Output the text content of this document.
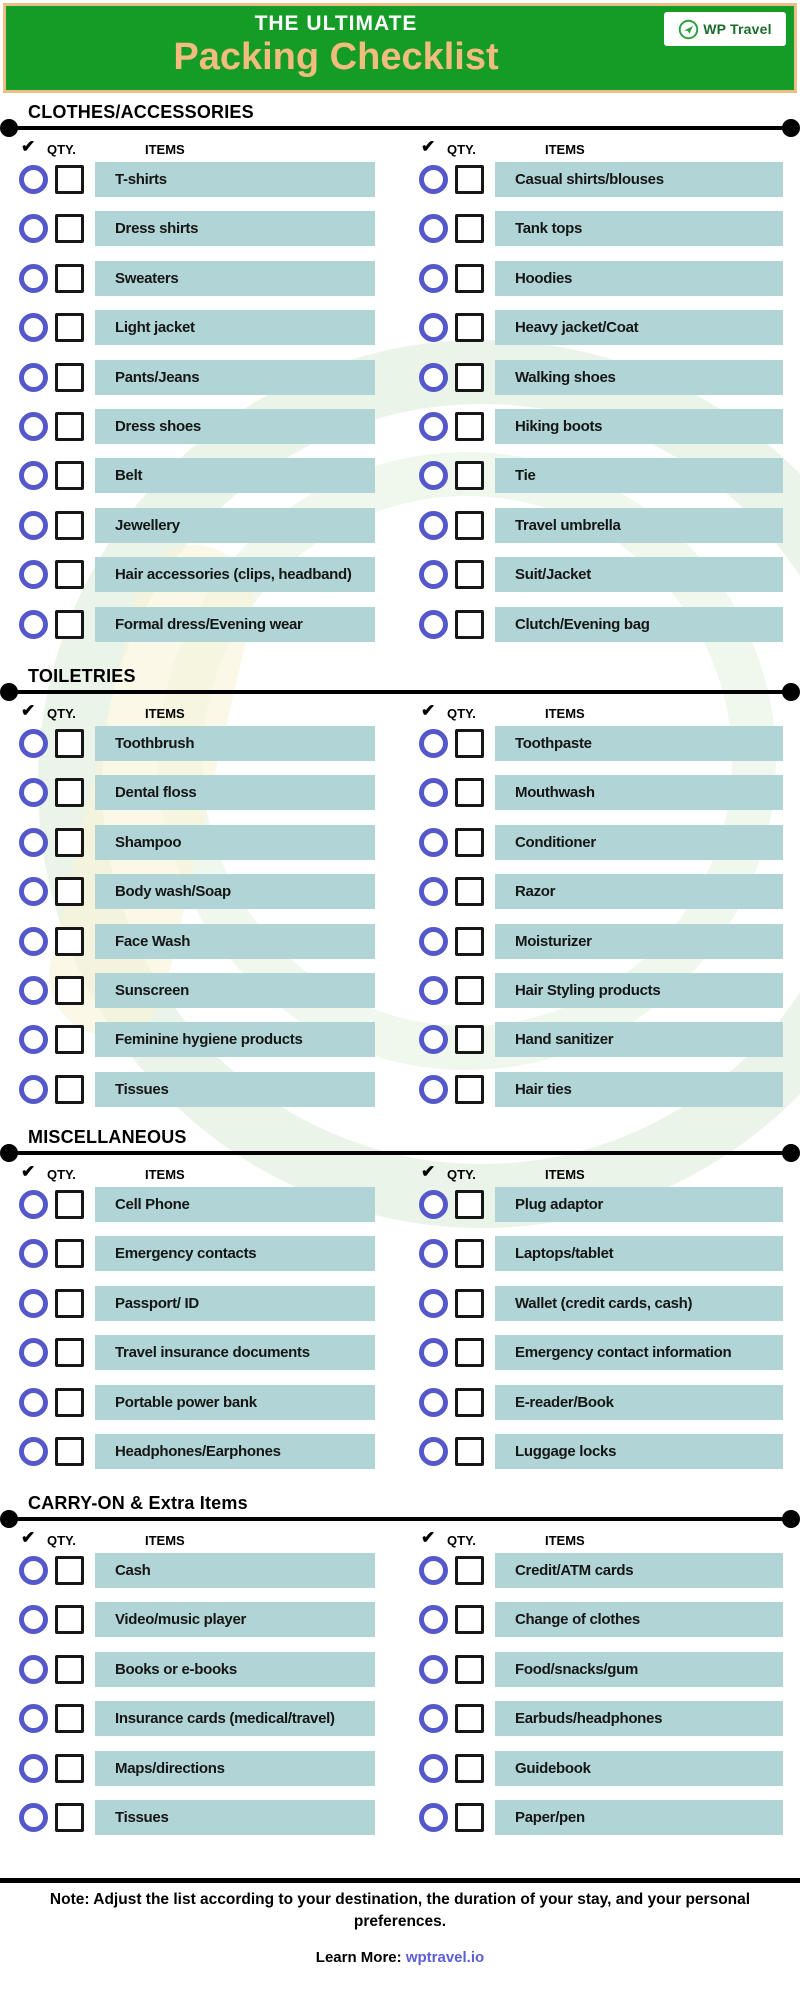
THE ULTIMATE
Packing Checklist
WP Travel
CLOTHES/ACCESSORIES
✔ QTY.	ITEMS
T-shirts
Dress shirts
Sweaters
Light jacket
Pants/Jeans
Dress shoes
Belt
Jewellery
Hair accessories (clips, headband)
Formal dress/Evening wear
✔ QTY.	ITEMS
Casual shirts/blouses
Tank tops
Hoodies
Heavy jacket/Coat
Walking shoes
Hiking boots
Tie
Travel umbrella
Suit/Jacket
Clutch/Evening bag
TOILETRIES
✔ QTY.	ITEMS
Toothbrush
Dental floss
Shampoo
Body wash/Soap
Face Wash
Sunscreen
Feminine hygiene products
Tissues
✔ QTY.	ITEMS
Toothpaste
Mouthwash
Conditioner
Razor
Moisturizer
Hair Styling products
Hand sanitizer
Hair ties
MISCELLANEOUS
✔ QTY.	ITEMS
Cell Phone
Emergency contacts
Passport/ ID
Travel insurance documents
Portable power bank
Headphones/Earphones
✔ QTY.	ITEMS
Plug adaptor
Laptops/tablet
Wallet (credit cards, cash)
Emergency contact information
E-reader/Book
Luggage locks
CARRY-ON & Extra Items
✔ QTY.	ITEMS
Cash
Video/music player
Books or e-books
Insurance cards (medical/travel)
Maps/directions
Tissues
✔ QTY.	ITEMS
Credit/ATM cards
Change of clothes
Food/snacks/gum
Earbuds/headphones
Guidebook
Paper/pen
Note: Adjust the list according to your destination, the duration of your stay, and your personal preferences.
Learn More: wptravel.io
